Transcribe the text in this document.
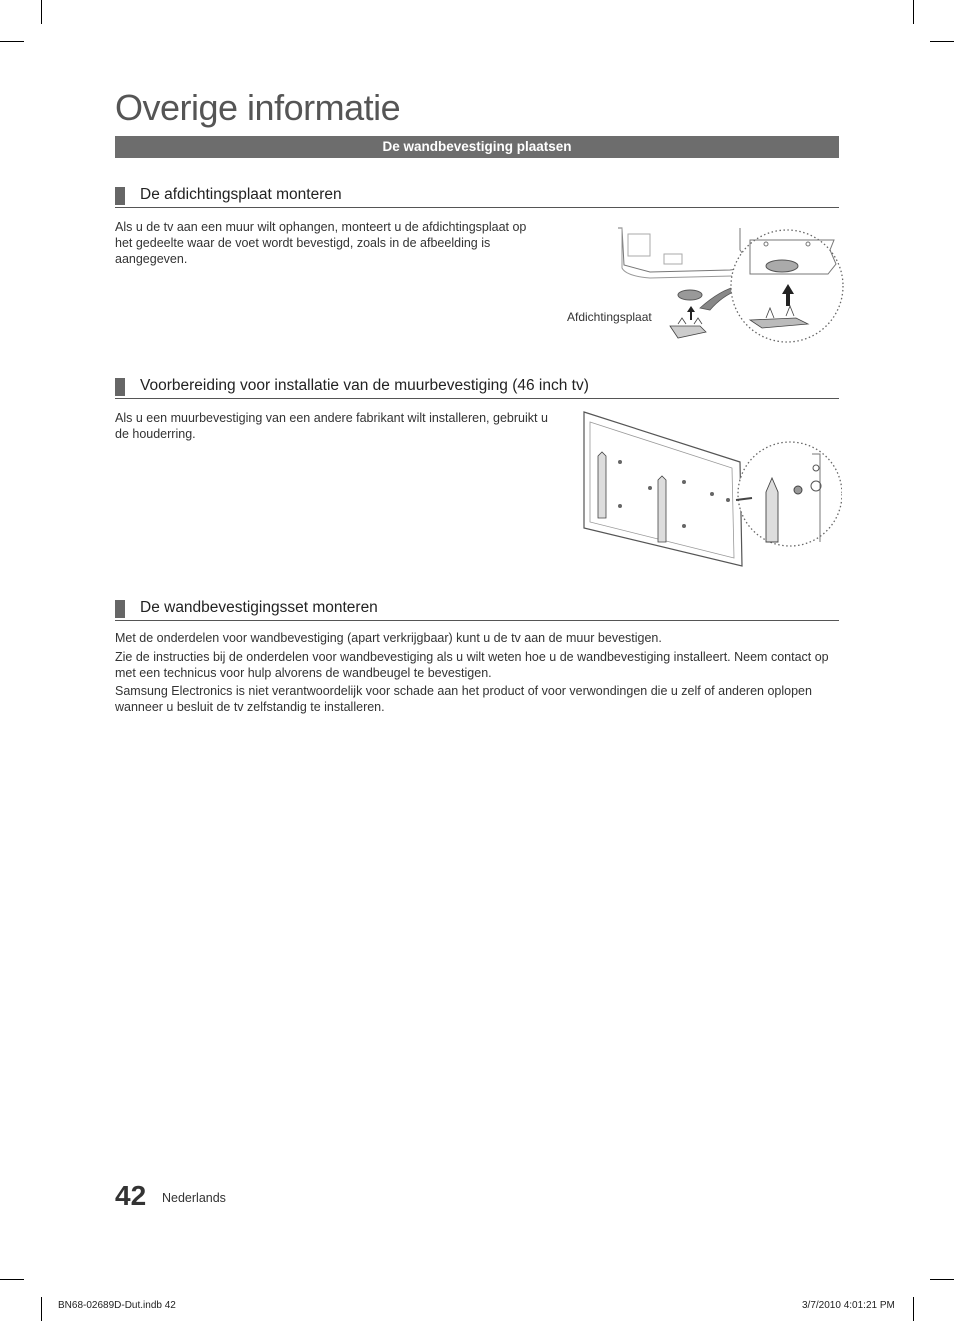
Overige informatie
De wandbevestiging plaatsen
De afdichtingsplaat monteren

Als u de tv aan een muur wilt ophangen, monteert u de afdichtingsplaat op het gedeelte waar de voet wordt bevestigd, zoals in de afbeelding is aangegeven.

Afdichtingsplaat
Voorbereiding voor installatie van de muurbevestiging (46 inch tv)

Als u een muurbevestiging van een andere fabrikant wilt installeren, gebruikt u de houderring.

De wandbevestigingsset monteren

Met de onderdelen voor wandbevestiging (apart verkrijgbaar) kunt u de tv aan de muur bevestigen.

Zie de instructies bij de onderdelen voor wandbevestiging als u wilt weten hoe u de wandbevestiging installeert. Neem contact op met een technicus voor hulp alvorens de wandbeugel te bevestigen.

Samsung Electronics is niet verantwoordelijk voor schade aan het product of voor verwondingen die u zelf of anderen oplopen wanneer u besluit de tv zelfstandig te installeren.

42 Nederlands
BN68-02689D-Dut.indb 42	3/7/2010 4:01:21 PM
